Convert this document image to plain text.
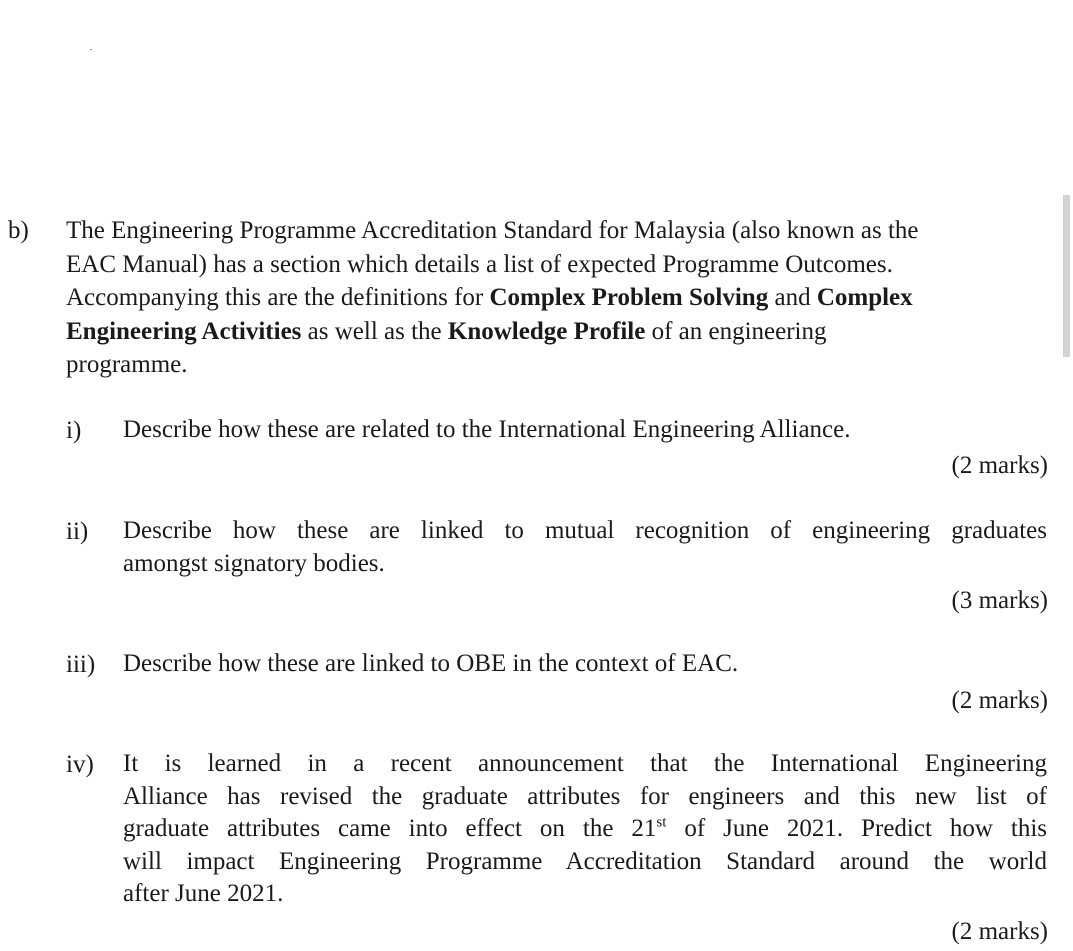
b) The Engineering Programme Accreditation Standard for Malaysia (also known as the
EAC Manual) has a section which details a list of expected Programme Outcomes.
Accompanying this are the definitions for Complex Problem Solving and Complex
Engineering Activities as well as the Knowledge Profile of an engineering
programme.
i) Describe how these are related to the International Engineering Alliance.
(2 marks)
ii) Describe how these are linked to mutual recognition of engineering graduates
amongst signatory bodies.
(3 marks)
iii) Describe how these are linked to OBE in the context of EAC.
(2 marks)
iv) It is learned in a recent announcement that the International Engineering
Alliance has revised the graduate attributes for engineers and this new list of
graduate attributes came into effect on the 21st of June 2021. Predict how this
will impact Engineering Programme Accreditation Standard around the world
after June 2021.
(2 marks)
